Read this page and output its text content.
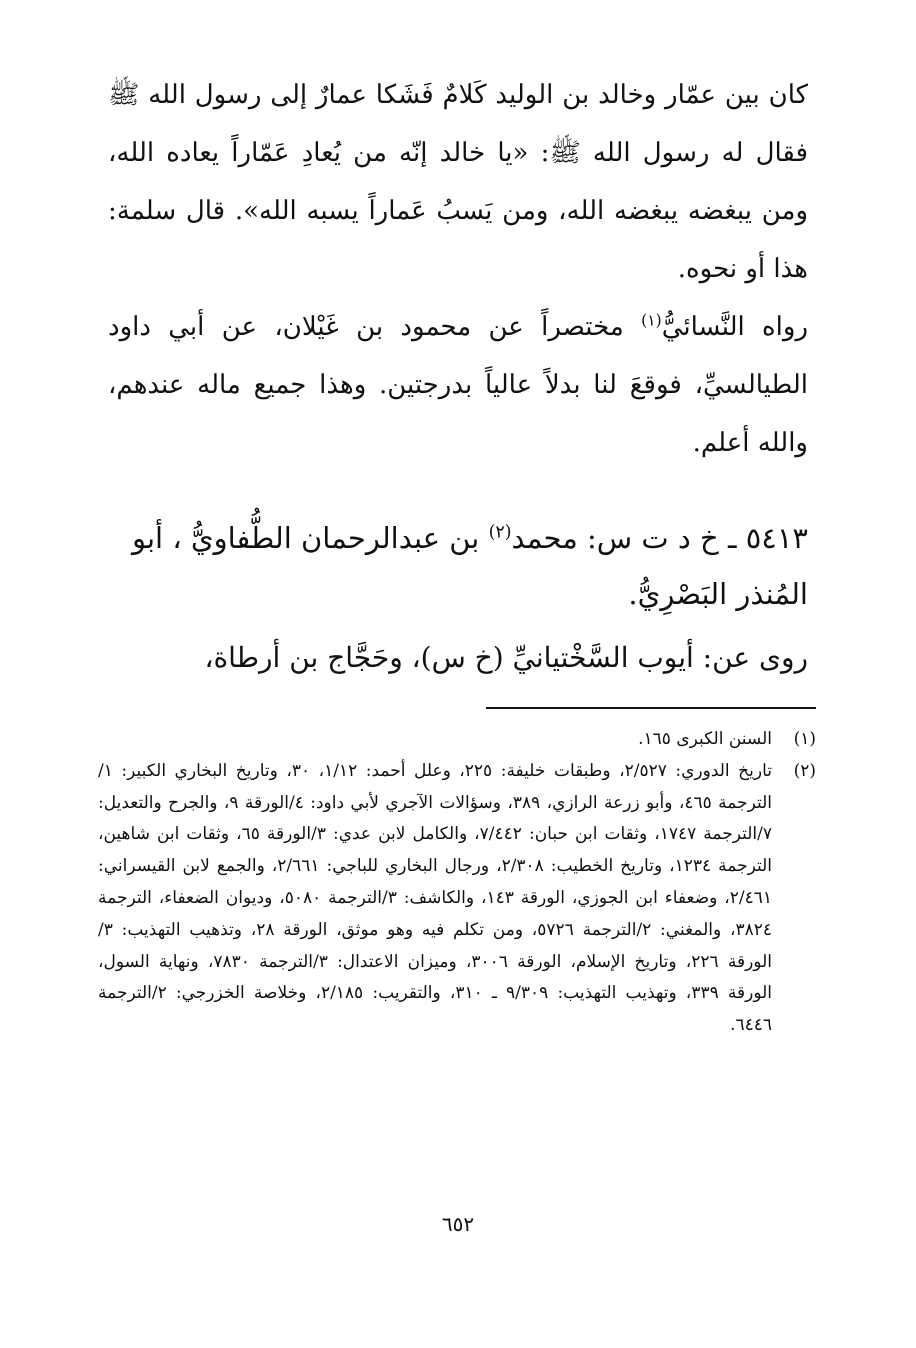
كان بين عمّار وخالد بن الوليد كَلامٌ فَشَكا عمارٌ إلى رسول الله ﷺ فقال له رسول الله ﷺ: «يا خالد إنّه من يُعادِ عَمّاراً يعاده الله، ومن يبغضه يبغضه الله، ومن يَسبُ عَماراً يسبه الله». قال سلمة: هذا أو نحوه.

رواه النَّسائيُّ$^{(١)}$ مختصراً عن محمود بن غَيْلان، عن أبي داود الطيالسيِّ، فوقعَ لنا بدلاً عالياً بدرجتين. وهذا جميع ماله عندهم، والله أعلم.

٥٤١٣ ـ خ د ت س: محمد$^{(٢)}$ بن عبدالرحمان الطُّفاويُّ ، أبو المُنذر البَصْرِيُّ.

روى عن: أيوب السَّخْتيانيِّ (خ س)، وحَجَّاج بن أرطاة،

(١)
السنن الكبرى ١٦٥.
(٢)
تاريخ الدوري: ٢/٥٢٧، وطبقات خليفة: ٢٢٥، وعلل أحمد: ١/١٢، ٣٠، وتاريخ البخاري الكبير: ١/الترجمة ٤٦٥، وأبو زرعة الرازي، ٣٨٩، وسؤالات الآجري لأبي داود: ٤/الورقة ٩، والجرح والتعديل: ٧/الترجمة ١٧٤٧، وثقات ابن حبان: ٧/٤٤٢، والكامل لابن عدي: ٣/الورقة ٦٥، وثقات ابن شاهين، الترجمة ١٢٣٤، وتاريخ الخطيب: ٢/٣٠٨، ورجال البخاري للباجي: ٢/٦٦١، والجمع لابن القيسراني: ٢/٤٦١، وضعفاء ابن الجوزي، الورقة ١٤٣، والكاشف: ٣/الترجمة ٥٠٨٠، وديوان الضعفاء، الترجمة ٣٨٢٤، والمغني: ٢/الترجمة ٥٧٢٦، ومن تكلم فيه وهو موثق، الورقة ٢٨، وتذهيب التهذيب: ٣/الورقة ٢٢٦، وتاريخ الإسلام، الورقة ٣٠٠٦، وميزان الاعتدال: ٣/الترجمة ٧٨٣٠، ونهاية السول، الورقة ٣٣٩، وتهذيب التهذيب: ٩/٣٠٩ ـ ٣١٠، والتقريب: ٢/١٨٥، وخلاصة الخزرجي: ٢/الترجمة ٦٤٤٦.
٦٥٢
